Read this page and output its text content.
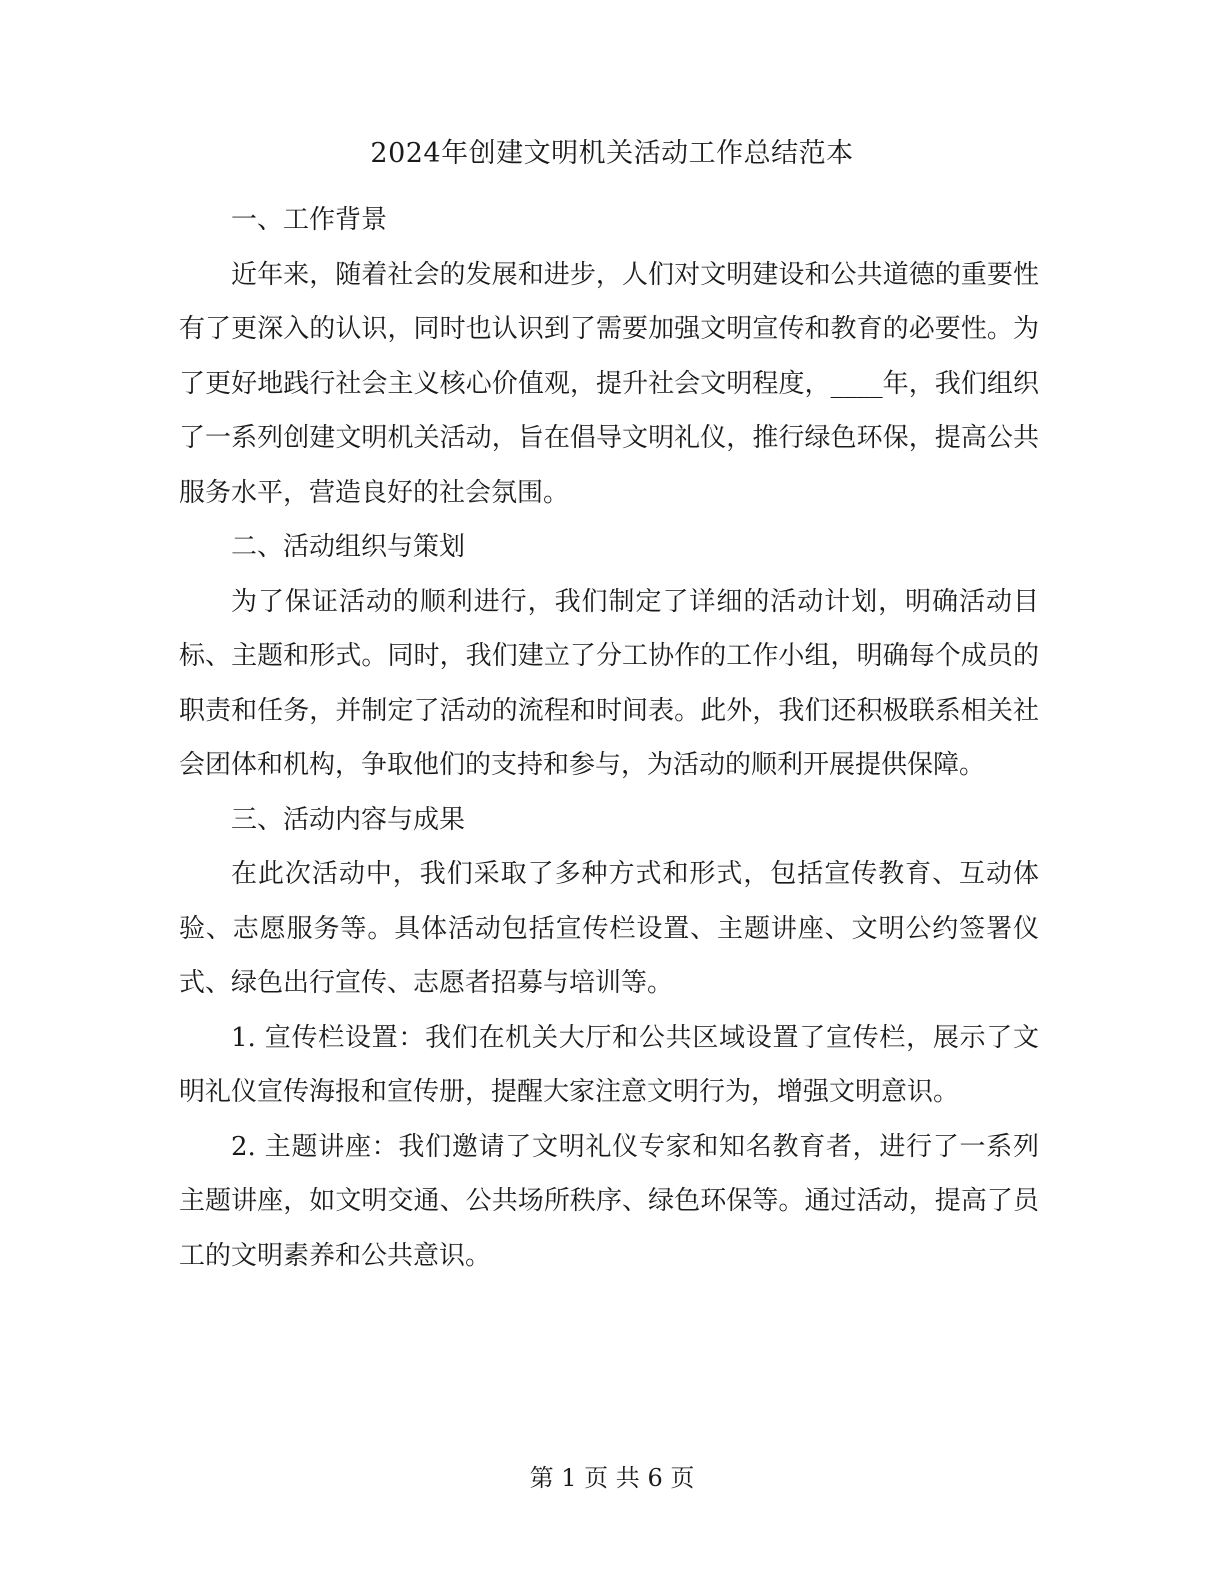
2024年创建文明机关活动工作总结范本

一、工作背景

近年来，随着社会的发展和进步，人们对文明建设和公共道德的重要性有了更深入的认识，同时也认识到了需要加强文明宣传和教育的必要性。为了更好地践行社会主义核心价值观，提升社会文明程度，____年，我们组织了一系列创建文明机关活动，旨在倡导文明礼仪，推行绿色环保，提高公共服务水平，营造良好的社会氛围。

二、活动组织与策划

为了保证活动的顺利进行，我们制定了详细的活动计划，明确活动目标、主题和形式。同时，我们建立了分工协作的工作小组，明确每个成员的职责和任务，并制定了活动的流程和时间表。此外，我们还积极联系相关社会团体和机构，争取他们的支持和参与，为活动的顺利开展提供保障。

三、活动内容与成果

在此次活动中，我们采取了多种方式和形式，包括宣传教育、互动体验、志愿服务等。具体活动包括宣传栏设置、主题讲座、文明公约签署仪式、绿色出行宣传、志愿者招募与培训等。

1. 宣传栏设置：我们在机关大厅和公共区域设置了宣传栏，展示了文明礼仪宣传海报和宣传册，提醒大家注意文明行为，增强文明意识。

2. 主题讲座：我们邀请了文明礼仪专家和知名教育者，进行了一系列主题讲座，如文明交通、公共场所秩序、绿色环保等。通过活动，提高了员工的文明素养和公共意识。

第 1 页 共 6 页
